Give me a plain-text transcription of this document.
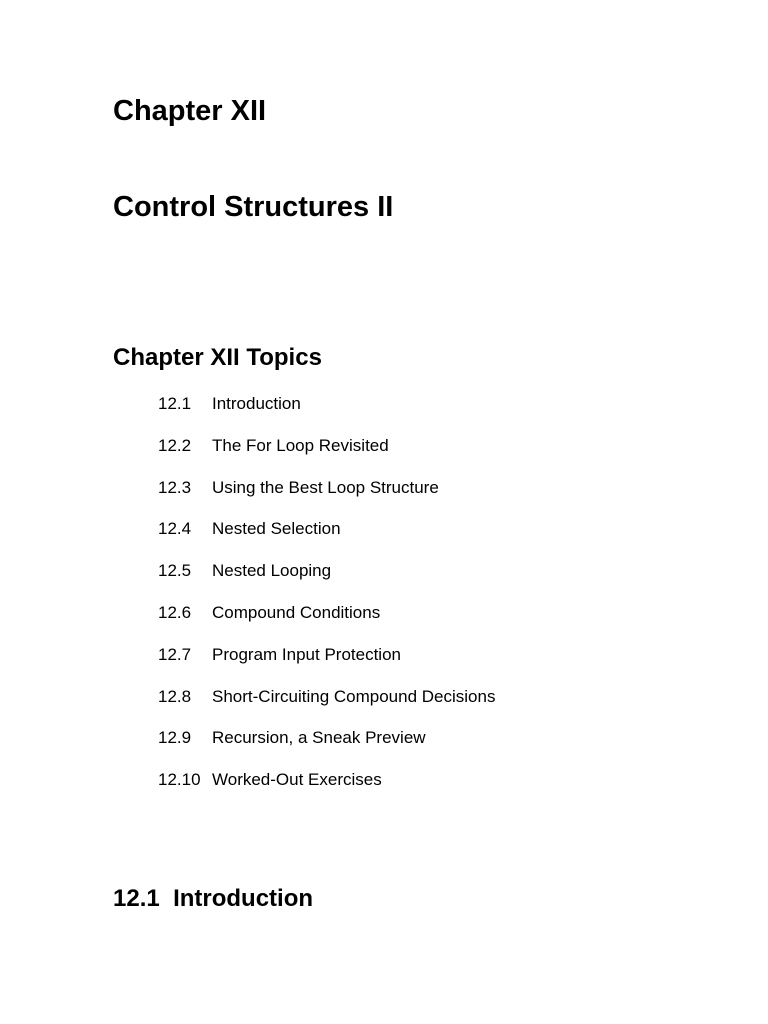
Chapter XII
Control Structures II
Chapter XII Topics
12.1	Introduction
12.2	The For Loop Revisited
12.3	Using the Best Loop Structure
12.4	Nested Selection
12.5	Nested Looping
12.6	Compound Conditions
12.7	Program Input Protection
12.8	Short-Circuiting Compound Decisions
12.9	Recursion, a Sneak Preview
12.10 Worked-Out Exercises
12.1 Introduction
